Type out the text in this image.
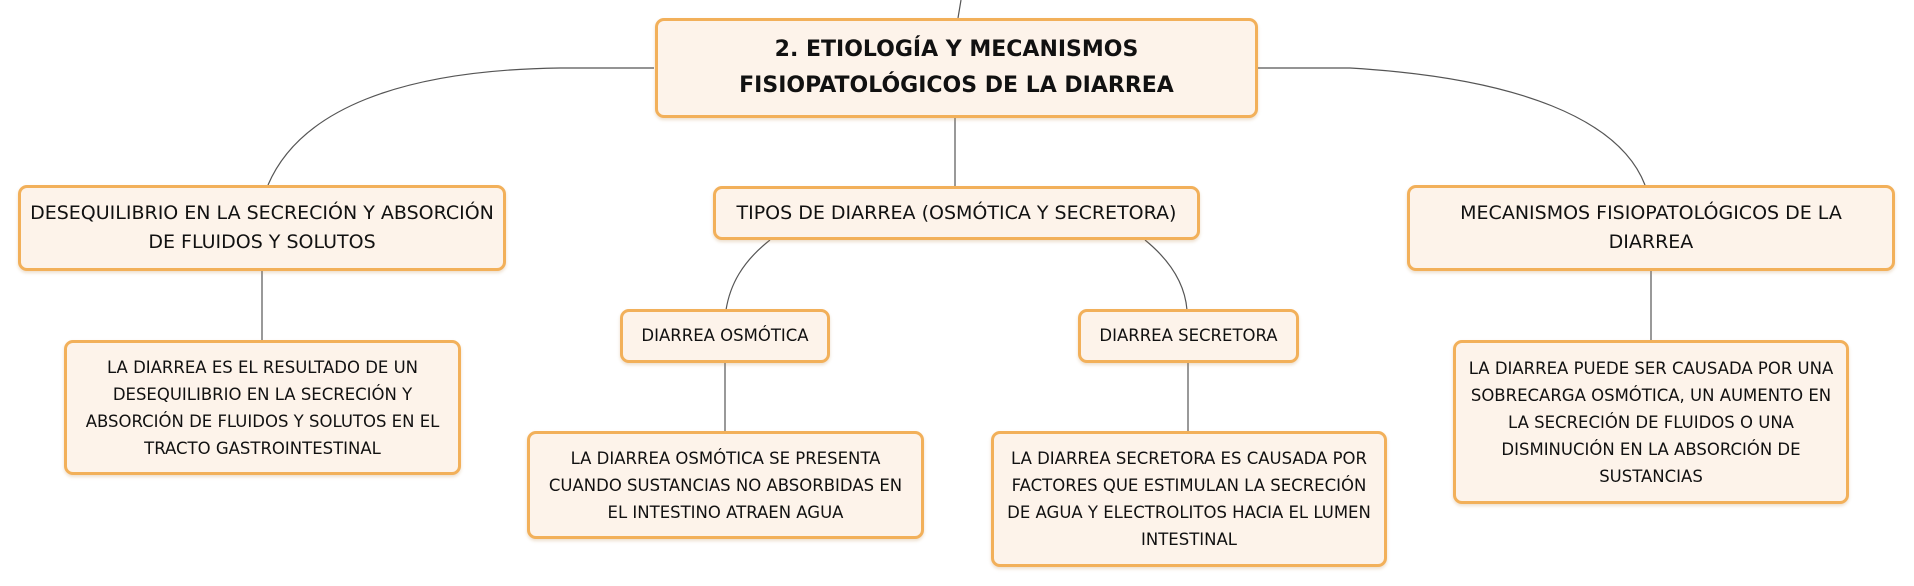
2. ETIOLOGÍA Y MECANISMOS FISIOPATOLÓGICOS DE LA DIARREA
DESEQUILIBRIO EN LA SECRECIÓN Y ABSORCIÓN DE FLUIDOS Y SOLUTOS
LA DIARREA ES EL RESULTADO DE UN DESEQUILIBRIO EN LA SECRECIÓN Y ABSORCIÓN DE FLUIDOS Y SOLUTOS EN EL TRACTO GASTROINTESTINAL
TIPOS DE DIARREA (OSMÓTICA Y SECRETORA)
DIARREA OSMÓTICA
LA DIARREA OSMÓTICA SE PRESENTA CUANDO SUSTANCIAS NO ABSORBIDAS EN EL INTESTINO ATRAEN AGUA
DIARREA SECRETORA
LA DIARREA SECRETORA ES CAUSADA POR FACTORES QUE ESTIMULAN LA SECRECIÓN DE AGUA Y ELECTROLITOS HACIA EL LUMEN INTESTINAL
MECANISMOS FISIOPATOLÓGICOS DE LA DIARREA
LA DIARREA PUEDE SER CAUSADA POR UNA SOBRECARGA OSMÓTICA, UN AUMENTO EN LA SECRECIÓN DE FLUIDOS O UNA DISMINUCIÓN EN LA ABSORCIÓN DE SUSTANCIAS
